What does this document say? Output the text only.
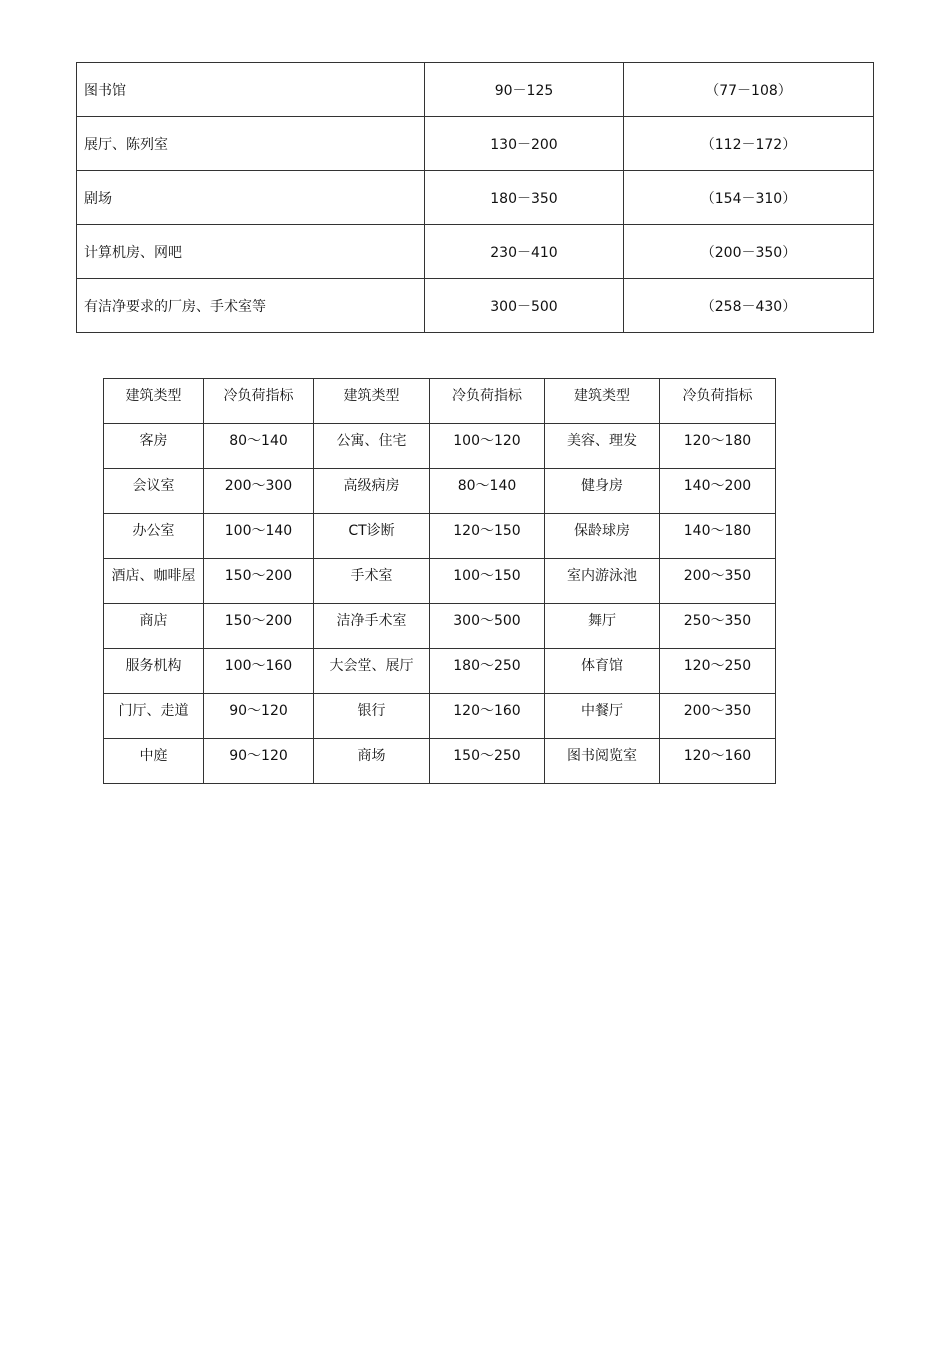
图书馆	90－125	（77－108）
展厅、陈列室	130－200	（112－172）
剧场	180－350	（154－310）
计算机房、网吧	230－410	（200－350）
有洁净要求的厂房、手术室等	300－500	（258－430）
建筑类型	冷负荷指标	建筑类型	冷负荷指标	建筑类型	冷负荷指标
客房	80～140	公寓、住宅	100～120	美容、理发	120～180
会议室	200～300	高级病房	80～140	健身房	140～200
办公室	100～140	CT诊断	120～150	保龄球房	140～180
酒店、咖啡屋	150～200	手术室	100～150	室内游泳池	200～350
商店	150～200	洁净手术室	300～500	舞厅	250～350
服务机构	100～160	大会堂、展厅	180～250	体育馆	120～250
门厅、走道	90～120	银行	120～160	中餐厅	200～350
中庭	90～120	商场	150～250	图书阅览室	120～160
